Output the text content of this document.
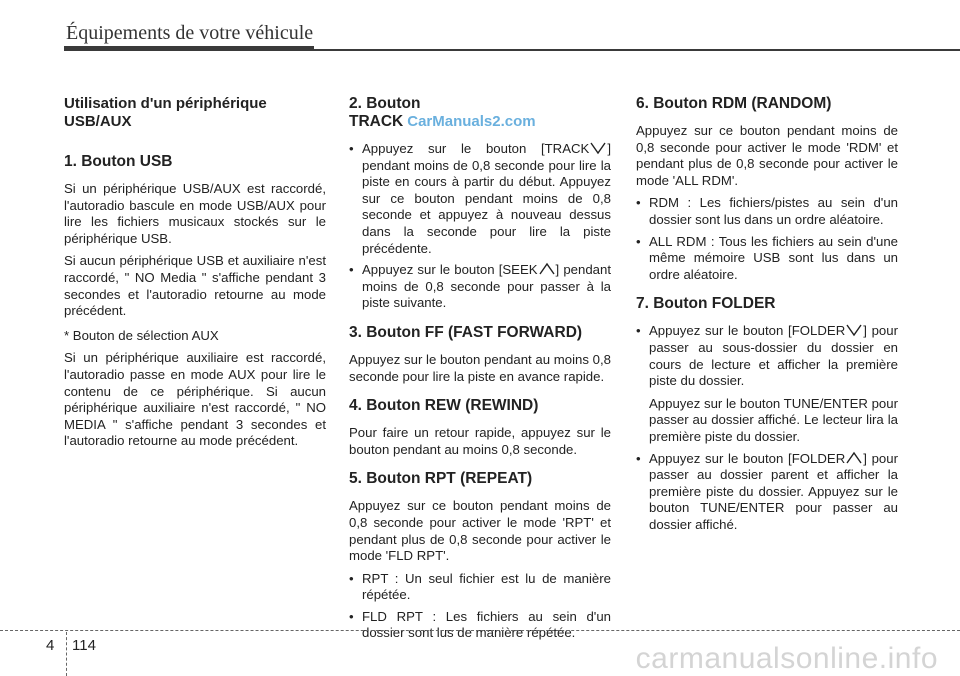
Équipements de votre véhicule
Utilisation d'un périphérique USB/AUX
1. Bouton USB

Si un périphérique USB/AUX est raccordé, l'autoradio bascule en mode USB/AUX pour lire les fichiers musicaux stockés sur le périphérique USB.

Si aucun périphérique USB et auxiliaire n'est raccordé, " NO Media " s'affiche pendant 3 secondes et l'autoradio retourne au mode précédent.

* Bouton de sélection AUX

Si un périphérique auxiliaire est raccordé, l'autoradio passe en mode AUX pour lire le contenu de ce périphérique. Si aucun périphérique auxiliaire n'est raccordé, " NO MEDIA " s'affiche pendant 3 secondes et l'autoradio retourne au mode précédent.

2. Bouton TRACK CarManuals2.com
• Appuyez sur le bouton [TRACK ] pendant moins de 0,8 seconde pour lire la piste en cours à partir du début. Appuyez sur ce bouton pendant moins de 0,8 seconde et appuyez à nouveau dessus dans la seconde pour lire la piste précédente.
• Appuyez sur le bouton [SEEK ] pendant moins de 0,8 seconde pour passer à la piste suivante.
3. Bouton FF (FAST FORWARD)

Appuyez sur le bouton pendant au moins 0,8 seconde pour lire la piste en avance rapide.

4. Bouton REW (REWIND)

Pour faire un retour rapide, appuyez sur le bouton pendant au moins 0,8 seconde.

5. Bouton RPT (REPEAT)

Appuyez sur ce bouton pendant moins de 0,8 seconde pour activer le mode 'RPT' et pendant plus de 0,8 seconde pour activer le mode 'FLD RPT'.

• RPT : Un seul fichier est lu de manière répétée.
• FLD RPT : Les fichiers au sein d'un dossier sont lus de manière répétée.
6. Bouton RDM (RANDOM)

Appuyez sur ce bouton pendant moins de 0,8 seconde pour activer le mode 'RDM' et pendant plus de 0,8 seconde pour activer le mode 'ALL RDM'.

• RDM : Les fichiers/pistes au sein d'un dossier sont lus dans un ordre aléatoire.
• ALL RDM : Tous les fichiers au sein d'une même mémoire USB sont lus dans un ordre aléatoire.
7. Bouton FOLDER
• Appuyez sur le bouton [FOLDER ] pour passer au sous-dossier du dossier en cours de lecture et afficher la première piste du dossier.
Appuyez sur le bouton TUNE/ENTER pour passer au dossier affiché. Le lecteur lira la première piste du dossier.
• Appuyez sur le bouton [FOLDER ] pour passer au dossier parent et afficher la première piste du dossier. Appuyez sur le bouton TUNE/ENTER pour passer au dossier affiché.
4 114	carmanualsonline.info
